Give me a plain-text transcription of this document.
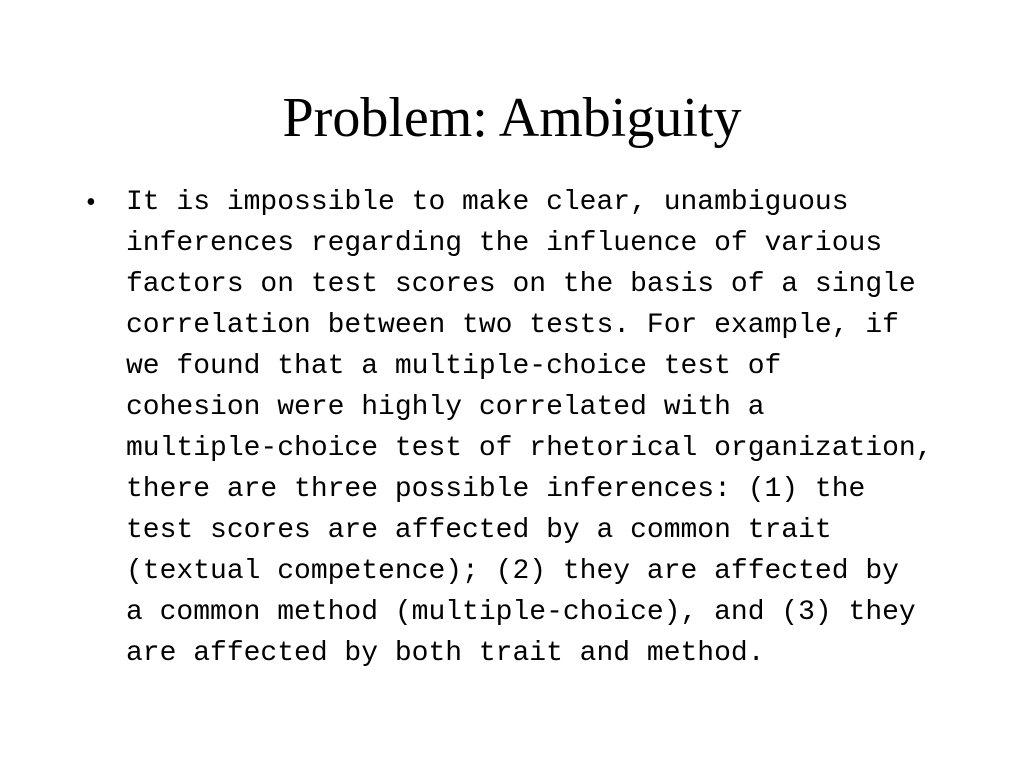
Problem: Ambiguity
• It is impossible to make clear, unambiguous
inferences regarding the influence of various
factors on test scores on the basis of a single
correlation between two tests. For example, if
we found that a multiple-choice test of
cohesion were highly correlated with a
multiple-choice test of rhetorical organization,
there are three possible inferences: (1) the
test scores are affected by a common trait
(textual competence); (2) they are affected by
a common method (multiple-choice), and (3) they
are affected by both trait and method.
